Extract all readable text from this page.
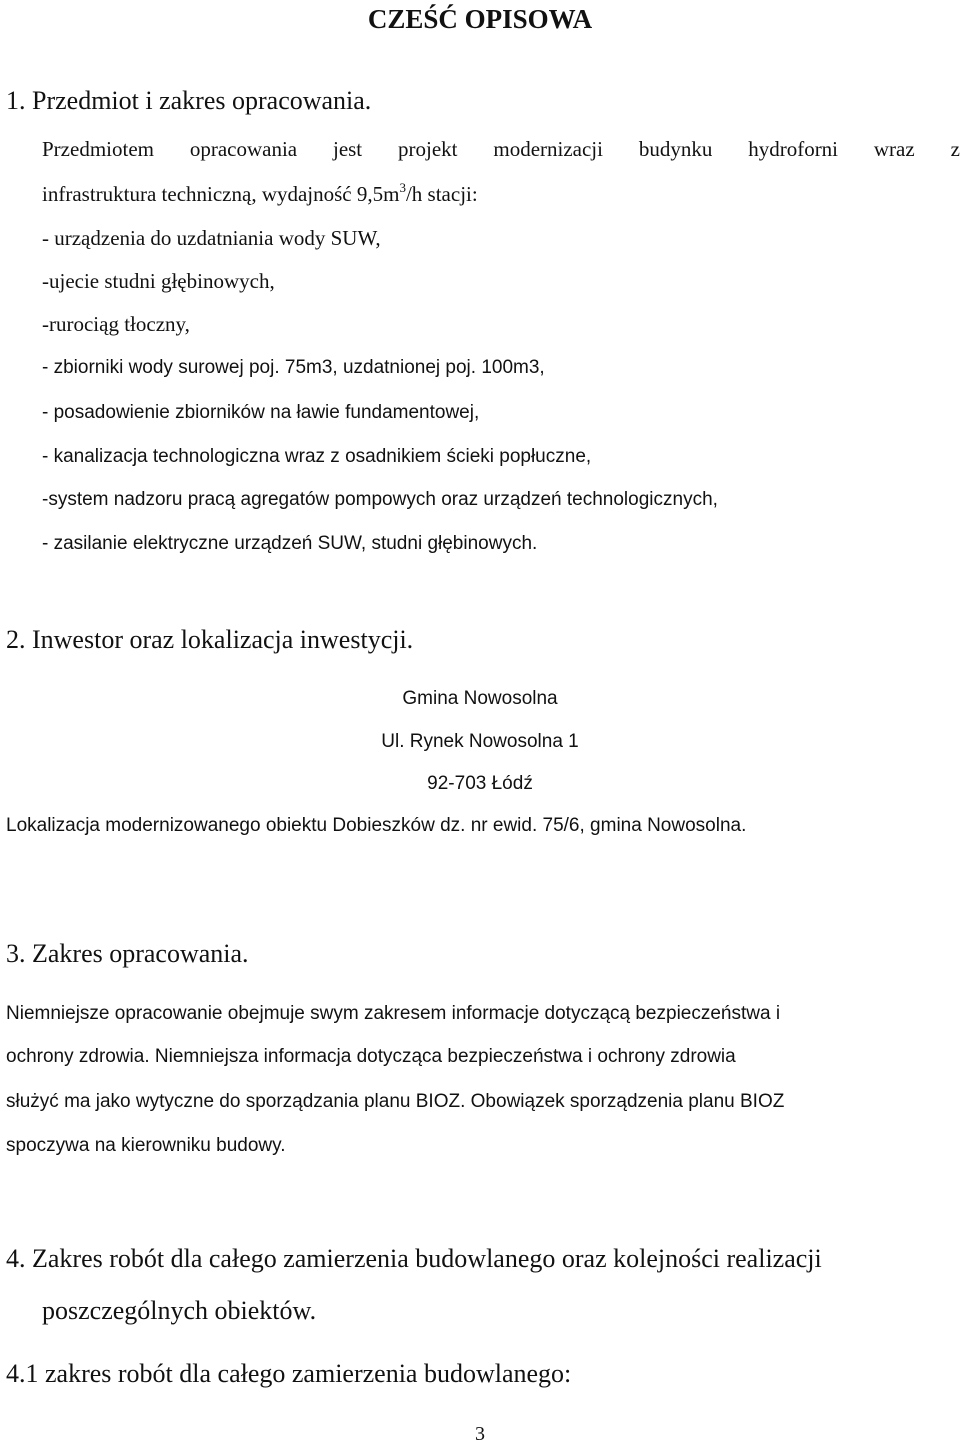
CZEŚĆ OPISOWA
1. Przedmiot i zakres opracowania.
Przedmiotem opracowania jest projekt modernizacji budynku hydroforni wraz z
infrastruktura techniczną, wydajność $9,5m^3/h$ stacji:
- urządzenia do uzdatniania wody SUW,
-ujecie studni głębinowych,
-rurociąg tłoczny,
- zbiorniki wody surowej poj. 75m3, uzdatnionej poj. 100m3,
- posadowienie zbiorników na ławie fundamentowej,
- kanalizacja technologiczna wraz z osadnikiem ścieki popłuczne,
-system nadzoru pracą agregatów pompowych oraz urządzeń technologicznych,
- zasilanie elektryczne urządzeń SUW, studni głębinowych.
2. Inwestor oraz lokalizacja inwestycji.
Gmina Nowosolna
Ul. Rynek Nowosolna 1
92-703 Łódź
Lokalizacja modernizowanego obiektu Dobieszków dz. nr ewid. 75/6, gmina Nowosolna.
3. Zakres opracowania.
Niemniejsze opracowanie obejmuje swym zakresem informacje dotyczącą bezpieczeństwa i
ochrony zdrowia. Niemniejsza informacja dotycząca bezpieczeństwa i ochrony zdrowia
służyć ma jako wytyczne do sporządzania planu BIOZ. Obowiązek sporządzenia planu BIOZ
spoczywa na kierowniku budowy.
4. Zakres robót dla całego zamierzenia budowlanego oraz kolejności realizacji
poszczególnych obiektów.
4.1 zakres robót dla całego zamierzenia budowlanego:
3
